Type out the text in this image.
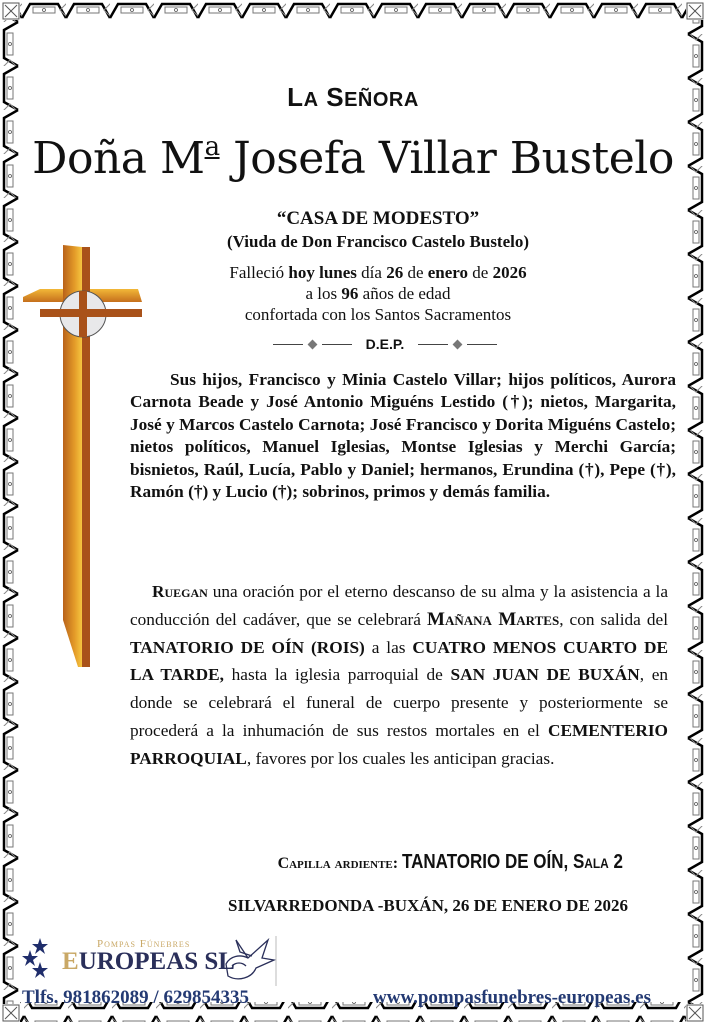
LA SEÑORA
Doña $M^a$ Josefa Villar Bustelo
“CASA DE MODESTO”
(Viuda de Don Francisco Castelo Bustelo)
Falleció hoy lunes día 26 de enero de 2026
a los 96 años de edad
confortada con los Santos Sacramentos
D.E.P.
Sus hijos, Francisco y Minia Castelo Villar; hijos políticos, Aurora Carnota Beade y José Antonio Miguéns Lestido (†); nietos, Margarita, José y Marcos Castelo Carnota; José Francisco y Dorita Miguéns Castelo; nietos políticos, Manuel Iglesias, Montse Iglesias y Merchi García; bisnietos, Raúl, Lucía, Pablo y Daniel; hermanos, Erundina (†), Pepe (†), Ramón (†) y Lucio (†); sobrinos, primos y demás familia.
Ruegan una oración por el eterno descanso de su alma y la asistencia a la conducción del cadáver, que se celebrará Mañana Martes, con salida del TANATORIO DE OÍN (ROIS) a las CUATRO MENOS CUARTO DE LA TARDE, hasta la iglesia parroquial de SAN JUAN DE BUXÁN, en donde se celebrará el funeral de cuerpo presente y posteriormente se procederá a la inhumación de sus restos mortales en el CEMENTERIO PARROQUIAL, favores por los cuales les anticipan gracias.
Capilla ardiente: TANATORIO DE OÍN, Sala 2
SILVARREDONDA -BUXÁN, 26 DE ENERO DE 2026
Pompas Fúnebres
EUROPEAS SL
Tlfs. 981862089 / 629854335	www.pompasfunebres-europeas.es
